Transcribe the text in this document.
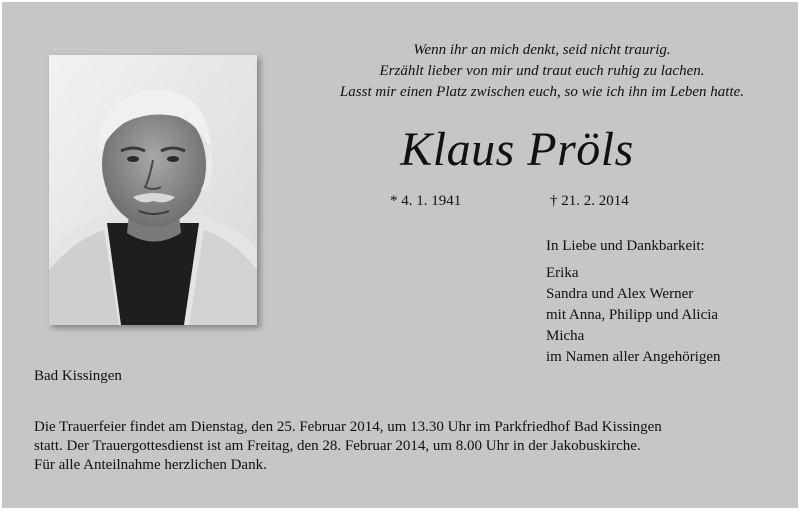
Wenn ihr an mich denkt, seid nicht traurig.
Erzählt lieber von mir und traut euch ruhig zu lachen.
Lasst mir einen Platz zwischen euch, so wie ich ihn im Leben hatte.
Klaus Pröls
* 4. 1. 1941	† 21. 2. 2014
In Liebe und Dankbarkeit:
Erika
Sandra und Alex Werner
mit Anna, Philipp und Alicia
Micha
im Namen aller Angehörigen
Bad Kissingen
Die Trauerfeier findet am Dienstag, den 25. Februar 2014, um 13.30 Uhr im Parkfriedhof Bad Kissingen
statt. Der Trauergottesdienst ist am Freitag, den 28. Februar 2014, um 8.00 Uhr in der Jakobuskirche.
Für alle Anteilnahme herzlichen Dank.
